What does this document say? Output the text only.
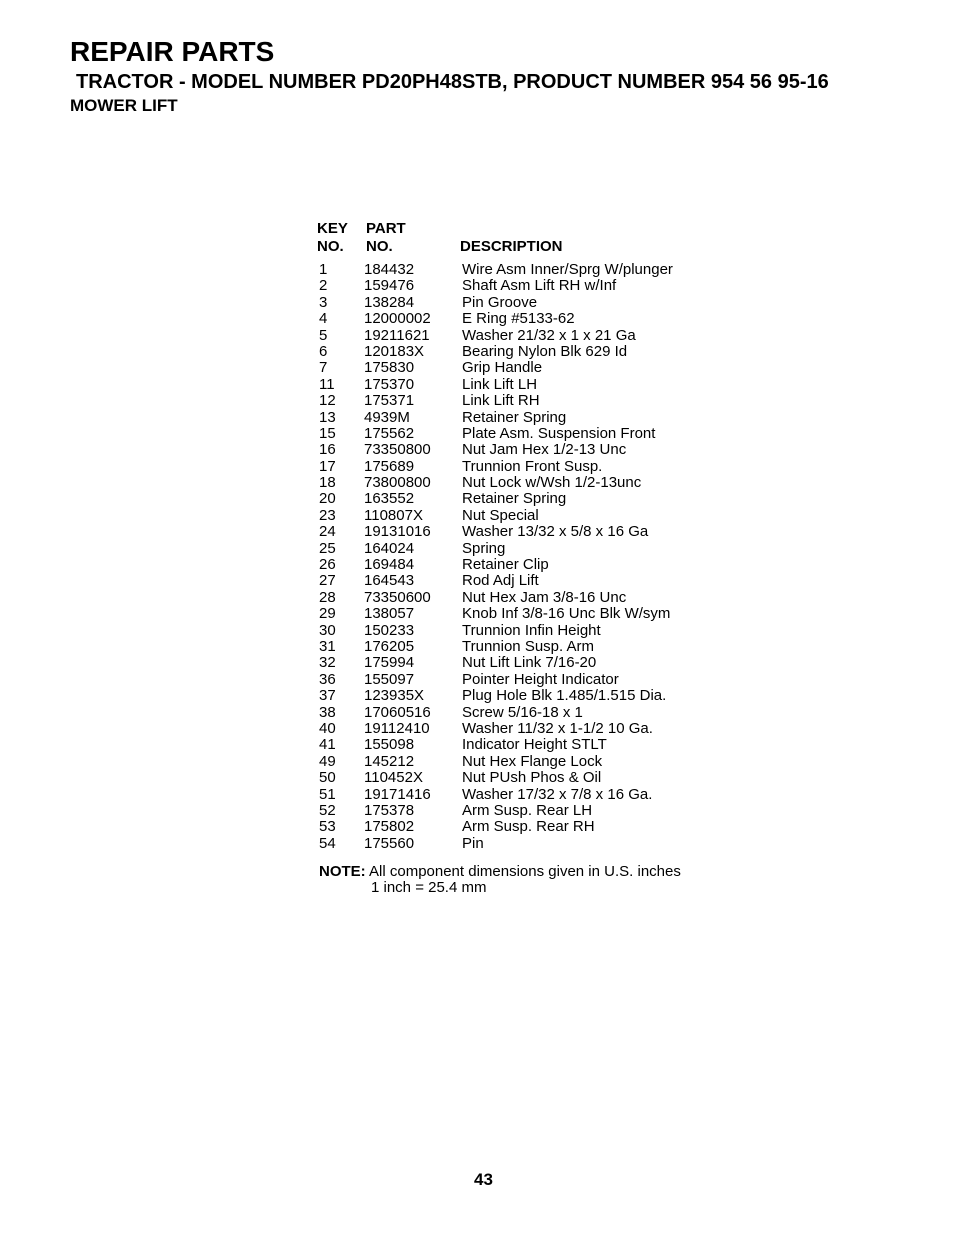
REPAIR PARTS
TRACTOR - MODEL NUMBER PD20PH48STB, PRODUCT NUMBER 954 56 95-16
MOWER LIFT
KEY
NO.
PART
NO.	DESCRIPTION
1 184432	Wire Asm Inner/Sprg W/plunger
2 159476	Shaft Asm Lift RH w/Inf
3 138284	Pin Groove
4 12000002 E Ring #5133-62
5 19211621 Washer 21/32 x 1 x 21 Ga
6 120183X	Bearing Nylon Blk 629 Id
7 175830	Grip Handle
11 175370	Link Lift LH
12 175371	Link Lift RH
13 4939M	Retainer Spring
15 175562	Plate Asm. Suspension Front
16 73350800 Nut Jam Hex 1/2-13 Unc
17 175689	Trunnion Front Susp.
18 73800800 Nut Lock w/Wsh 1/2-13unc
20 163552	Retainer Spring
23 110807X	Nut Special
24 19131016 Washer 13/32 x 5/8 x 16 Ga
25 164024	Spring
26 169484	Retainer Clip
27 164543	Rod Adj Lift
28 73350600 Nut Hex Jam 3/8-16 Unc
29 138057	Knob Inf 3/8-16 Unc Blk W/sym
30 150233	Trunnion Infin Height
31 176205	Trunnion Susp. Arm
32 175994	Nut Lift Link 7/16-20
36 155097	Pointer Height Indicator
37 123935X	Plug Hole Blk 1.485/1.515 Dia.
38 17060516 Screw 5/16-18 x 1
40 19112410 Washer 11/32 x 1-1/2 10 Ga.
41 155098	Indicator Height STLT
49 145212	Nut Hex Flange Lock
50 110452X	Nut PUsh Phos & Oil
51 19171416 Washer 17/32 x 7/8 x 16 Ga.
52 175378	Arm Susp. Rear LH
53 175802	Arm Susp. Rear RH
54 175560	Pin
NOTE: All component dimensions given in U.S. inches
1 inch = 25.4 mm
43
